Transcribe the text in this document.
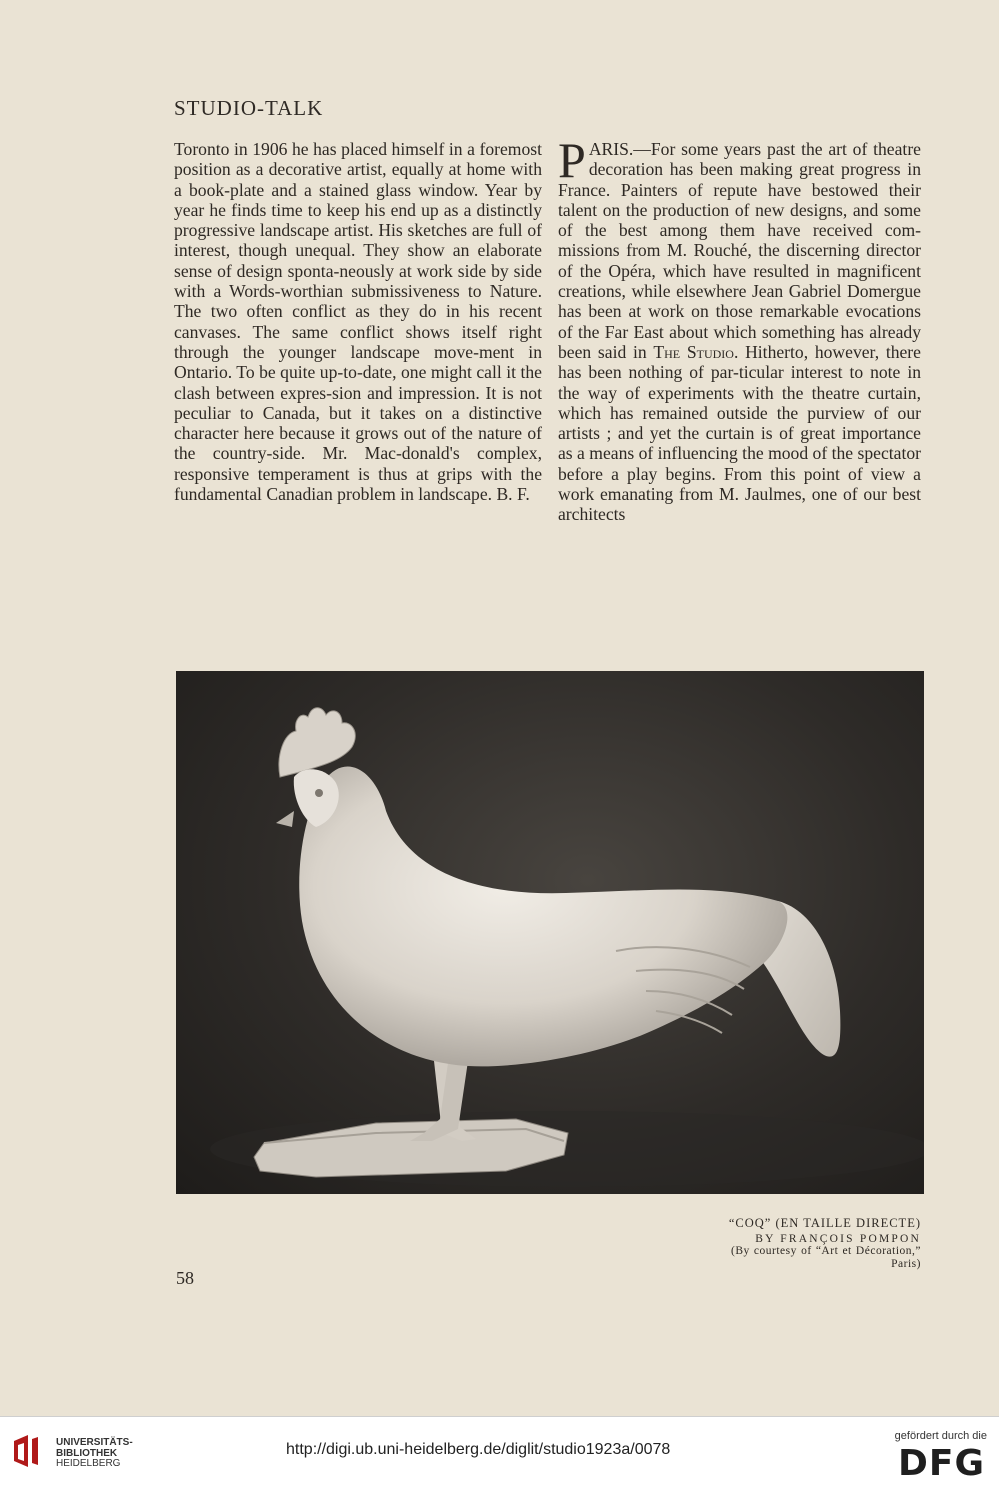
STUDIO-TALK

Toronto in 1906 he has placed himself in a foremost position as a decorative artist, equally at home with a book-plate and a stained glass window. Year by year he finds time to keep his end up as a distinctly progressive landscape artist. His sketches are full of interest, though unequal. They show an elaborate sense of design sponta-neously at work side by side with a Words-worthian submissiveness to Nature. The two often conflict as they do in his recent canvases. The same conflict shows itself right through the younger landscape move-ment in Ontario. To be quite up-to-date, one might call it the clash between expres-sion and impression. It is not peculiar to Canada, but it takes on a distinctive character here because it grows out of the nature of the country-side. Mr. Mac-donald's complex, responsive temperament is thus at grips with the fundamental Canadian problem in landscape. B. F.

PARIS.—For some years past the art of theatre decoration has been making great progress in France. Painters of repute have bestowed their talent on the production of new designs, and some of the best among them have received com-missions from M. Rouché, the discerning director of the Opéra, which have resulted in magnificent creations, while elsewhere Jean Gabriel Domergue has been at work on those remarkable evocations of the Far East about which something has already been said in The Studio. Hitherto, however, there has been nothing of par-ticular interest to note in the way of experiments with the theatre curtain, which has remained outside the purview of our artists ; and yet the curtain is of great importance as a means of influencing the mood of the spectator before a play begins. From this point of view a work emanating from M. Jaulmes, one of our best architects

“COQ” (EN TAILLE DIRECTE)
BY FRANÇOIS POMPON
(By courtesy of “Art et Décoration,” Paris)
58
UNIVERSITÄTS-
BIBLIOTHEK
HEIDELBERG
http://digi.ub.uni-heidelberg.de/diglit/studio1923a/0078
gefördert durch die
DFG
